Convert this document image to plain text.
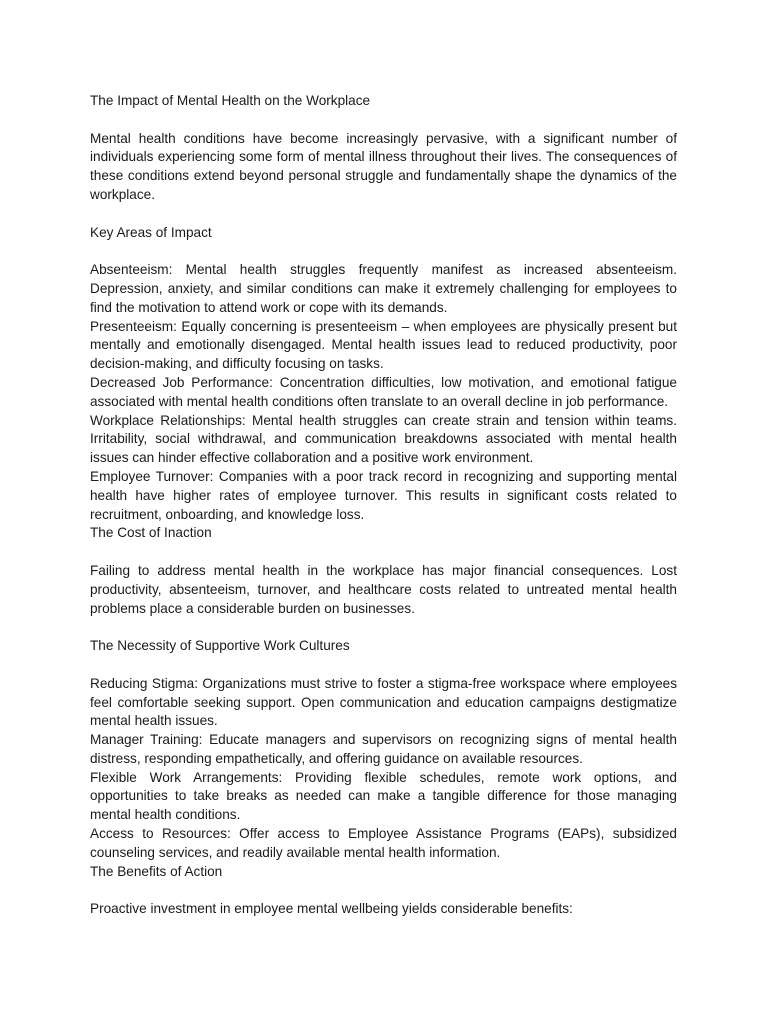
The Impact of Mental Health on the Workplace

Mental health conditions have become increasingly pervasive, with a significant number of individuals experiencing some form of mental illness throughout their lives. The consequences of these conditions extend beyond personal struggle and fundamentally shape the dynamics of the workplace.

Key Areas of Impact

Absenteeism: Mental health struggles frequently manifest as increased absenteeism. Depression, anxiety, and similar conditions can make it extremely challenging for employees to find the motivation to attend work or cope with its demands.

Presenteeism: Equally concerning is presenteeism – when employees are physically present but mentally and emotionally disengaged. Mental health issues lead to reduced productivity, poor decision-making, and difficulty focusing on tasks.

Decreased Job Performance: Concentration difficulties, low motivation, and emotional fatigue associated with mental health conditions often translate to an overall decline in job performance.

Workplace Relationships: Mental health struggles can create strain and tension within teams. Irritability, social withdrawal, and communication breakdowns associated with mental health issues can hinder effective collaboration and a positive work environment.

Employee Turnover: Companies with a poor track record in recognizing and supporting mental health have higher rates of employee turnover. This results in significant costs related to recruitment, onboarding, and knowledge loss.

The Cost of Inaction

Failing to address mental health in the workplace has major financial consequences. Lost productivity, absenteeism, turnover, and healthcare costs related to untreated mental health problems place a considerable burden on businesses.

The Necessity of Supportive Work Cultures

Reducing Stigma: Organizations must strive to foster a stigma-free workspace where employees feel comfortable seeking support. Open communication and education campaigns destigmatize mental health issues.

Manager Training: Educate managers and supervisors on recognizing signs of mental health distress, responding empathetically, and offering guidance on available resources.

Flexible Work Arrangements: Providing flexible schedules, remote work options, and opportunities to take breaks as needed can make a tangible difference for those managing mental health conditions.

Access to Resources: Offer access to Employee Assistance Programs (EAPs), subsidized counseling services, and readily available mental health information.

The Benefits of Action

Proactive investment in employee mental wellbeing yields considerable benefits:
